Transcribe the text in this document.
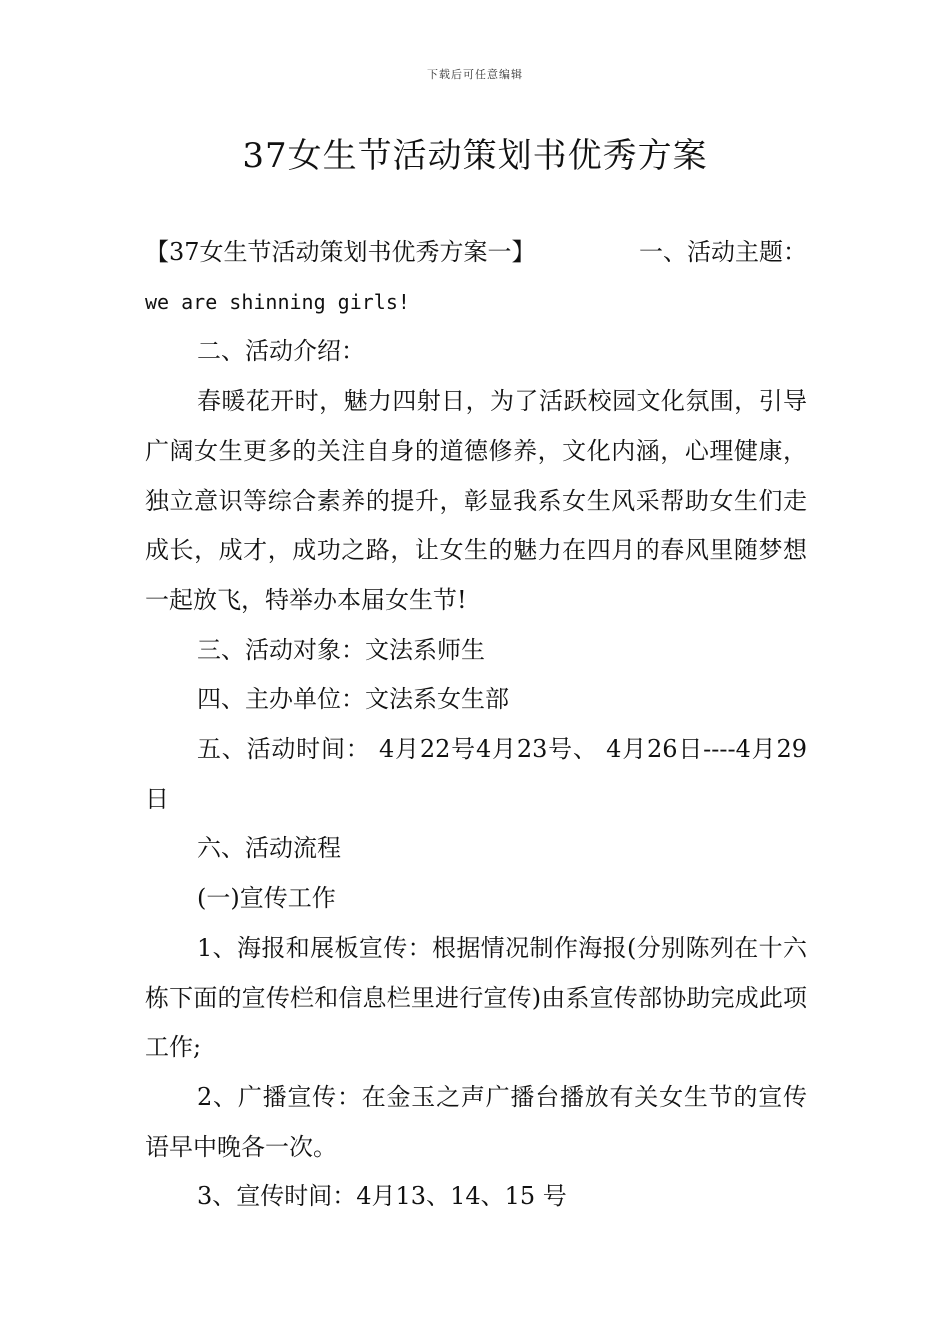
下载后可任意编辑
37女生节活动策划书优秀方案
【37女生节活动策划书优秀方案一】	一、活动主题：

we are shinning girls!

二、活动介绍：

春暖花开时，魅力四射日，为了活跃校园文化氛围，引导广阔女生更多的关注自身的道德修养，文化内涵，心理健康，独立意识等综合素养的提升，彰显我系女生风采帮助女生们走成长，成才，成功之路，让女生的魅力在四月的春风里随梦想一起放飞，特举办本届女生节!

三、活动对象：文法系师生

四、主办单位：文法系女生部

五、活动时间： 4月22号4月23号、 4月26日----4月29日

六、活动流程

(一)宣传工作

1、海报和展板宣传：根据情况制作海报(分别陈列在十六栋下面的宣传栏和信息栏里进行宣传)由系宣传部协助完成此项工作;

2、广播宣传：在金玉之声广播台播放有关女生节的宣传语早中晚各一次。

3、宣传时间：4月13、14、15 号
